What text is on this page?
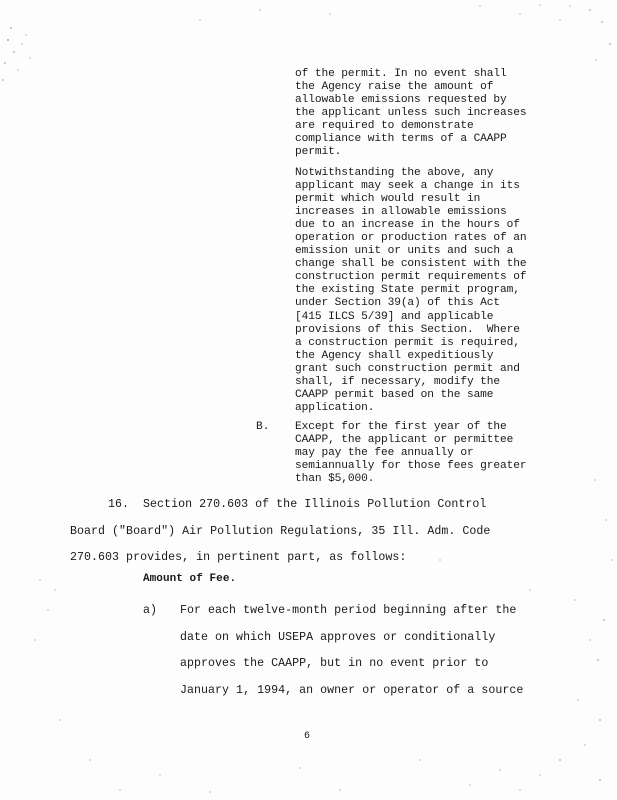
of the permit. In no event shall
the Agency raise the amount of
allowable emissions requested by
the applicant unless such increases
are required to demonstrate
compliance with terms of a CAAPP
permit.
Notwithstanding the above, any
applicant may seek a change in its
permit which would result in
increases in allowable emissions
due to an increase in the hours of
operation or production rates of an
emission unit or units and such a
change shall be consistent with the
construction permit requirements of
the existing State permit program,
under Section 39(a) of this Act
[415 ILCS 5/39] and applicable
provisions of this Section.  Where
a construction permit is required,
the Agency shall expeditiously
grant such construction permit and
shall, if necessary, modify the
CAAPP permit based on the same
application.
B. Except for the first year of the
CAAPP, the applicant or permittee
may pay the fee annually or
semiannually for those fees greater
than $5,000.
16.  Section 270.603 of the Illinois Pollution Control
Board ("Board") Air Pollution Regulations, 35 Ill. Adm. Code
270.603 provides, in pertinent part, as follows:
Amount of Fee.
a) For each twelve-month period beginning after the
date on which USEPA approves or conditionally
approves the CAAPP, but in no event prior to
January 1, 1994, an owner or operator of a source
6
